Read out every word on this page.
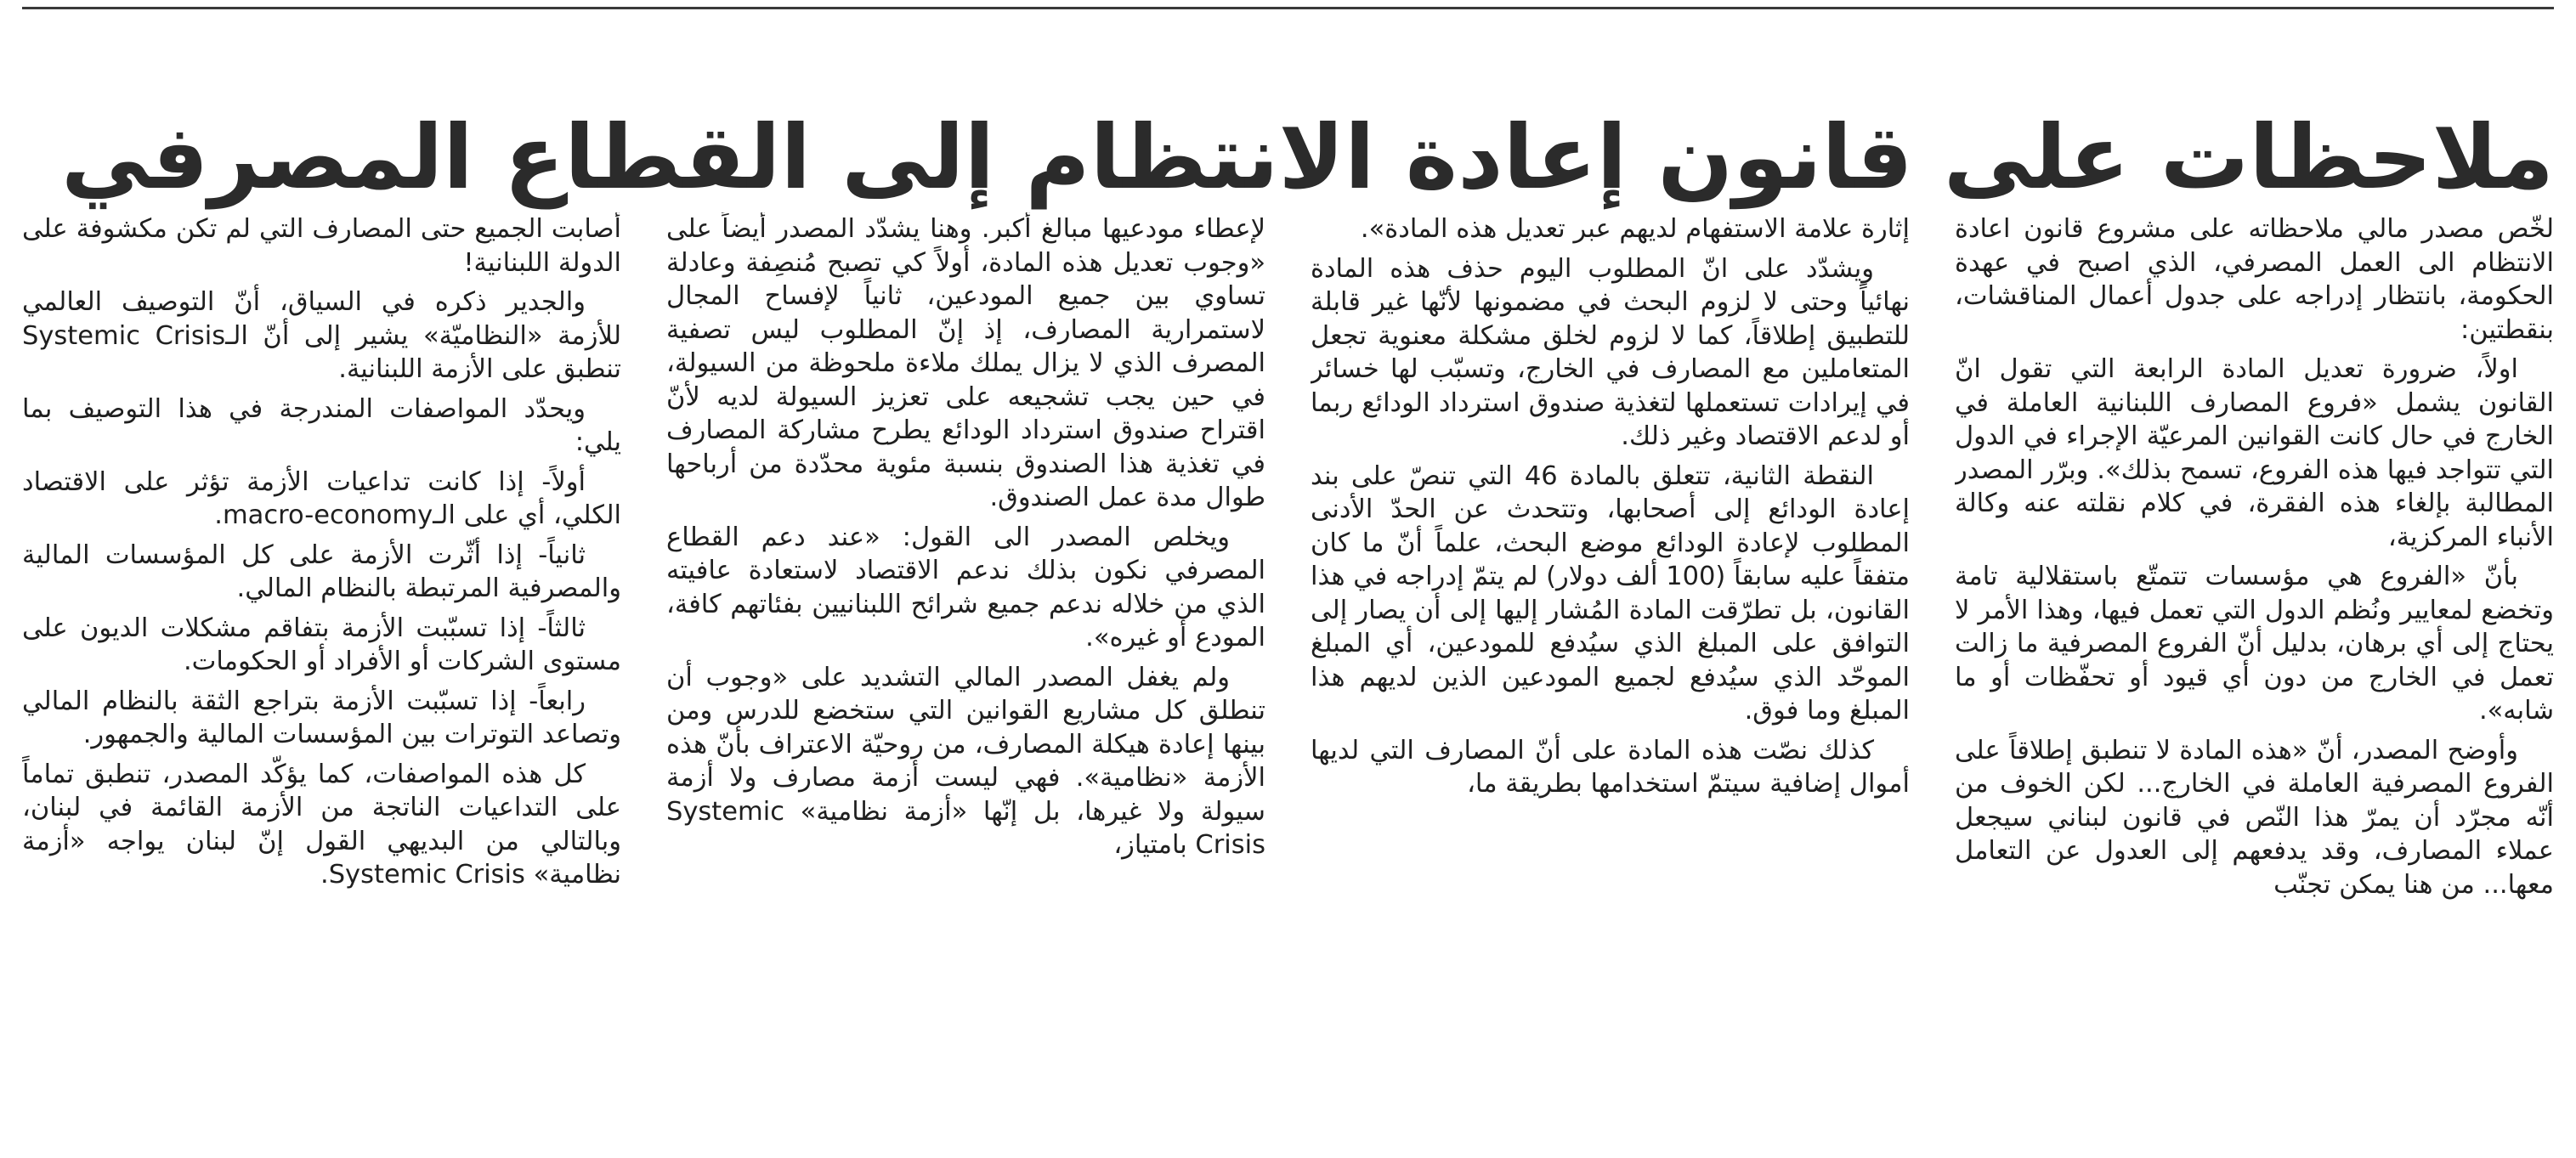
ملاحظات على قانون إعادة الانتظام إلى القطاع المصرفي

لخّص مصدر مالي ملاحظاته على مشروع قانون اعادة الانتظام الى العمل المصرفي، الذي اصبح في عهدة الحكومة، بانتظار إدراجه على جدول أعمال المناقشات، بنقطتين:

اولاً، ضرورة تعديل المادة الرابعة التي تقول انّ القانون يشمل «فروع المصارف اللبنانية العاملة في الخارج في حال كانت القوانين المرعيّة الإجراء في الدول التي تتواجد فيها هذه الفروع، تسمح بذلك». وبرّر المصدر المطالبة بإلغاء هذه الفقرة، في كلام نقلته عنه وكالة الأنباء المركزية،

بأنّ «الفروع هي مؤسسات تتمتّع باستقلالية تامة وتخضع لمعايير ونُظم الدول التي تعمل فيها، وهذا الأمر لا يحتاج إلى أي برهان، بدليل أنّ الفروع المصرفية ما زالت تعمل في الخارج من دون أي قيود أو تحفّظات أو ما شابه».

وأوضح المصدر، أنّ «هذه المادة لا تنطبق إطلاقاً على الفروع المصرفية العاملة في الخارج... لكن الخوف من أنّه مجرّد أن يمرّ هذا النّص في قانون لبناني سيجعل عملاء المصارف، وقد يدفعهم إلى العدول عن التعامل معها... من هنا يمكن تجنّب

إثارة علامة الاستفهام لديهم عبر تعديل هذه المادة».

ويشدّد على انّ المطلوب اليوم حذف هذه المادة نهائياً وحتى لا لزوم البحث في مضمونها لأنّها غير قابلة للتطبيق إطلاقاً، كما لا لزوم لخلق مشكلة معنوية تجعل المتعاملين مع المصارف في الخارج، وتسبّب لها خسائر في إيرادات تستعملها لتغذية صندوق استرداد الودائع ربما أو لدعم الاقتصاد وغير ذلك.

النقطة الثانية، تتعلق بالمادة 46 التي تنصّ على بند إعادة الودائع إلى أصحابها، وتتحدث عن الحدّ الأدنى المطلوب لإعادة الودائع موضع البحث، علماً أنّ ما كان متفقاً عليه سابقاً (100 ألف دولار) لم يتمّ إدراجه في هذا القانون، بل تطرّقت المادة المُشار إليها إلى أن يصار إلى التوافق على المبلغ الذي سيُدفع للمودعين، أي المبلغ الموحّد الذي سيُدفع لجميع المودعين الذين لديهم هذا المبلغ وما فوق.

كذلك نصّت هذه المادة على أنّ المصارف التي لديها أموال إضافية سيتمّ استخدامها بطريقة ما،

لإعطاء مودعيها مبالغ أكبر. وهنا يشدّد المصدر أيضاً على «وجوب تعديل هذه المادة، أولاً كي تصبح مُنصِفة وعادلة تساوي بين جميع المودعين، ثانياً لإفساح المجال لاستمرارية المصارف، إذ إنّ المطلوب ليس تصفية المصرف الذي لا يزال يملك ملاءة ملحوظة من السيولة، في حين يجب تشجيعه على تعزيز السيولة لديه لأنّ اقتراح صندوق استرداد الودائع يطرح مشاركة المصارف في تغذية هذا الصندوق بنسبة مئوية محدّدة من أرباحها طوال مدة عمل الصندوق.

ويخلص المصدر الى القول: «عند دعم القطاع المصرفي نكون بذلك ندعم الاقتصاد لاستعادة عافيته الذي من خلاله ندعم جميع شرائح اللبنانيين بفئاتهم كافة، المودع أو غيره».

ولم يغفل المصدر المالي التشديد على «وجوب أن تنطلق كل مشاريع القوانين التي ستخضع للدرس ومن بينها إعادة هيكلة المصارف، من روحيّة الاعتراف بأنّ هذه الأزمة «نظامية». فهي ليست أزمة مصارف ولا أزمة سيولة ولا غيرها، بل إنّها «أزمة نظامية» Systemic Crisis بامتياز،

أصابت الجميع حتى المصارف التي لم تكن مكشوفة على الدولة اللبنانية!

والجدير ذكره في السياق، أنّ التوصيف العالمي للأزمة «النظاميّة» يشير إلى أنّ الـSystemic Crisis تنطبق على الأزمة اللبنانية.

ويحدّد المواصفات المندرجة في هذا التوصيف بما يلي:

أولاً- إذا كانت تداعيات الأزمة تؤثر على الاقتصاد الكلي، أي على الـmacro-economy.

ثانياً- إذا أثّرت الأزمة على كل المؤسسات المالية والمصرفية المرتبطة بالنظام المالي.

ثالثاً- إذا تسبّبت الأزمة بتفاقم مشكلات الديون على مستوى الشركات أو الأفراد أو الحكومات.

رابعاً- إذا تسبّبت الأزمة بتراجع الثقة بالنظام المالي وتصاعد التوترات بين المؤسسات المالية والجمهور.

كل هذه المواصفات، كما يؤكّد المصدر، تنطبق تماماً على التداعيات الناتجة من الأزمة القائمة في لبنان، وبالتالي من البديهي القول إنّ لبنان يواجه «أزمة نظامية» Systemic Crisis.
